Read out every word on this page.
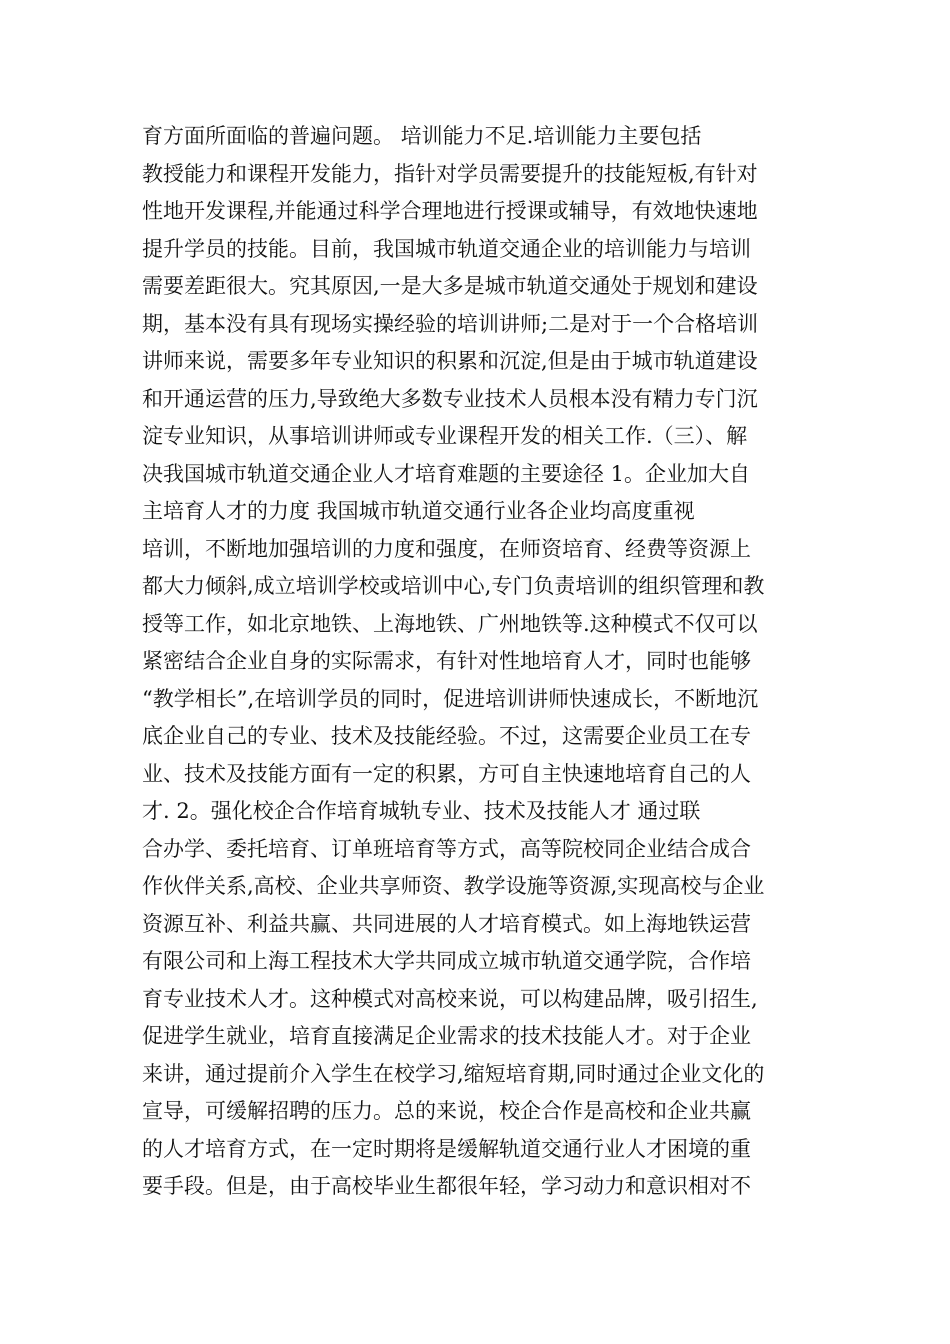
育方面所面临的普遍问题。 培训能力不足.培训能力主要包括
教授能力和课程开发能力，指针对学员需要提升的技能短板,有针对
性地开发课程,并能通过科学合理地进行授课或辅导，有效地快速地
提升学员的技能。目前，我国城市轨道交通企业的培训能力与培训
需要差距很大。究其原因,一是大多是城市轨道交通处于规划和建设
期，基本没有具有现场实操经验的培训讲师;二是对于一个合格培训
讲师来说，需要多年专业知识的积累和沉淀,但是由于城市轨道建设
和开通运营的压力,导致绝大多数专业技术人员根本没有精力专门沉
淀专业知识，从事培训讲师或专业课程开发的相关工作.（三）、解
决我国城市轨道交通企业人才培育难题的主要途径 1。企业加大自
主培育人才的力度 我国城市轨道交通行业各企业均高度重视
培训，不断地加强培训的力度和强度，在师资培育、经费等资源上
都大力倾斜,成立培训学校或培训中心,专门负责培训的组织管理和教
授等工作，如北京地铁、上海地铁、广州地铁等.这种模式不仅可以
紧密结合企业自身的实际需求，有针对性地培育人才，同时也能够
“教学相长”,在培训学员的同时，促进培训讲师快速成长，不断地沉
底企业自己的专业、技术及技能经验。不过，这需要企业员工在专
业、技术及技能方面有一定的积累，方可自主快速地培育自己的人
才. 2。强化校企合作培育城轨专业、技术及技能人才 通过联
合办学、委托培育、订单班培育等方式，高等院校同企业结合成合
作伙伴关系,高校、企业共享师资、教学设施等资源,实现高校与企业
资源互补、利益共赢、共同进展的人才培育模式。如上海地铁运营
有限公司和上海工程技术大学共同成立城市轨道交通学院，合作培
育专业技术人才。这种模式对高校来说，可以构建品牌，吸引招生,
促进学生就业，培育直接满足企业需求的技术技能人才。对于企业
来讲，通过提前介入学生在校学习,缩短培育期,同时通过企业文化的
宣导，可缓解招聘的压力。总的来说，校企合作是高校和企业共赢
的人才培育方式，在一定时期将是缓解轨道交通行业人才困境的重
要手段。但是，由于高校毕业生都很年轻，学习动力和意识相对不
